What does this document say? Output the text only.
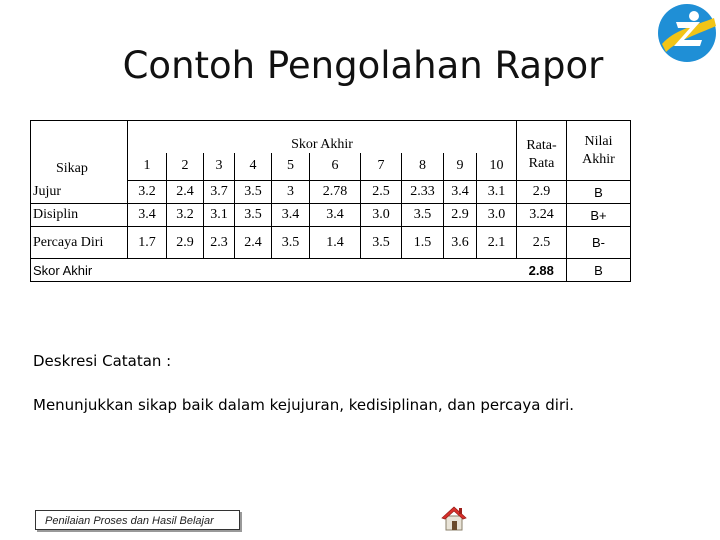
Contoh Pengolahan Rapor
Sikap	Skor Akhir										Rata-Rata	Nilai Akhir
	1	2	3	4	5	6	7	8	9	10		
Jujur	3.2	2.4	3.7	3.5	3	2.78	2.5	2.33	3.4	3.1	2.9	B
Disiplin	3.4	3.2	3.1	3.5	3.4	3.4	3.0	3.5	2.9	3.0	3.24	B+
Percaya Diri	1.7	2.9	2.3	2.4	3.5	1.4	3.5	1.5	3.6	2.1	2.5	B-
Skor Akhir											2.88	B
Deskresi Catatan :
Menunjukkan sikap baik dalam kejujuran, kedisiplinan, dan percaya diri.
Penilaian Proses dan Hasil Belajar
